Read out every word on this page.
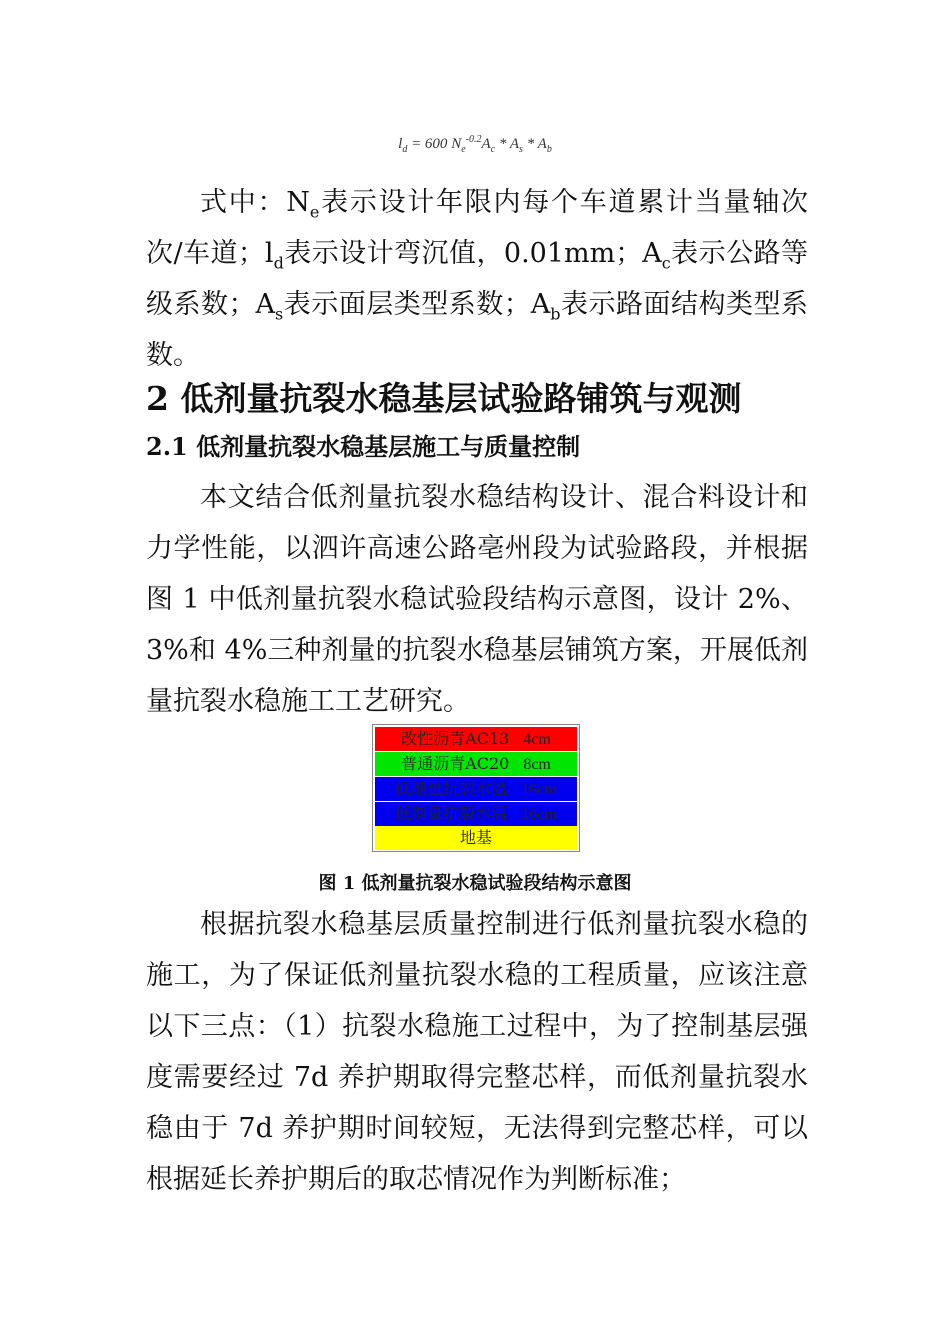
$l_d = 600$ $N_e^{-0.2}A_c * A_s * A_b$

式中：$N_e$表示设计年限内每个车道累计当量轴次次/车道；$l_d$表示设计弯沉值，0.01mm；$A_c$表示公路等级系数；$A_s$表示面层类型系数；$A_b$表示路面结构类型系数。

2 低剂量抗裂水稳基层试验路铺筑与观测
2.1 低剂量抗裂水稳基层施工与质量控制

本文结合低剂量抗裂水稳结构设计、混合料设计和力学性能，以泗许高速公路亳州段为试验路段，并根据图 1 中低剂量抗裂水稳试验段结构示意图，设计 2%、3%和 4%三种剂量的抗裂水稳基层铺筑方案，开展低剂量抗裂水稳施工工艺研究。

改性沥青AC13 4cm
普通沥青AC20 8cm
低剂量抗裂水温 16cm
低剂量抗裂水温 16cm
地基
图 1 低剂量抗裂水稳试验段结构示意图

根据抗裂水稳基层质量控制进行低剂量抗裂水稳的施工，为了保证低剂量抗裂水稳的工程质量，应该注意以下三点：（1）抗裂水稳施工过程中，为了控制基层强度需要经过 7d 养护期取得完整芯样，而低剂量抗裂水稳由于 7d 养护期时间较短，无法得到完整芯样，可以根据延长养护期后的取芯情况作为判断标准；
